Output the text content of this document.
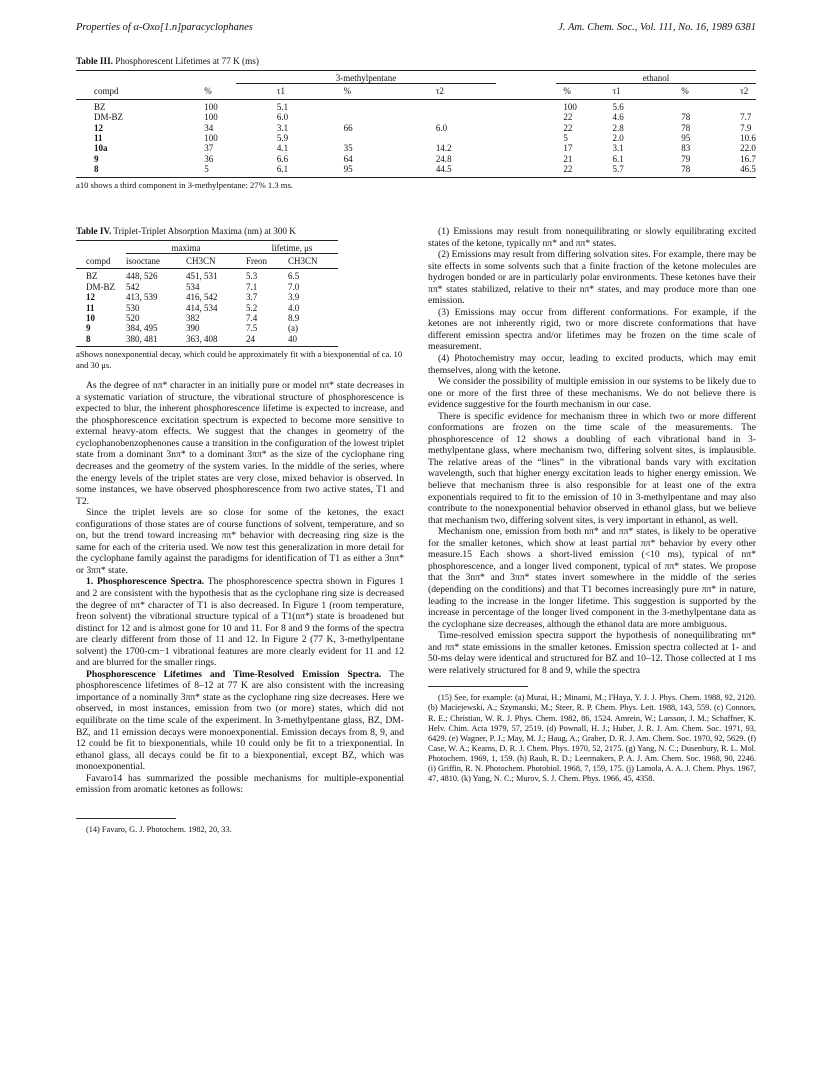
Properties of α-Oxo[1.n]paracyclophanes	J. Am. Chem. Soc., Vol. 111, No. 16, 1989 6381
Table III. Phosphorescent Lifetimes at 77 K (ms)
		3-methylpentane		ethanol
compd	%	τ1	%	τ2	%	τ1	%	τ2
BZ	100	5.1			100	5.6		
DM-BZ	100	6.0			22	4.6	78	7.7
12	34	3.1	66	6.0	22	2.8	78	7.9
11	100	5.9			5	2.0	95	10.6
10a	37	4.1	35	14.2	17	3.1	83	22.0
9	36	6.6	64	24.8	21	6.1	79	16.7
8	5	6.1	95	44.5	22	5.7	78	46.5
a10 shows a third component in 3-methylpentane: 27% 1.3 ms.
Table IV. Triplet-Triplet Absorption Maxima (nm) at 300 K
	maxima		lifetime, μs	
compd	isooctane	CH3CN	Freon	CH3CN
BZ	448, 526	451, 531	5.3	6.5
DM-BZ	542	534	7.1	7.0
12	413, 539	416, 542	3.7	3.9
11	530	414, 534	5.2	4.0
10	520	382	7.4	8.9
9	384, 495	390	7.5	(a)
8	380, 481	363, 408	24	40
aShows nonexponential decay, which could be approximately fit with a biexponential of ca. 10 and 30 μs.

As the degree of nπ* character in an initially pure or model nπ* state decreases in a systematic variation of structure, the vibrational structure of phosphorescence is expected to blur, the inherent phosphorescence lifetime is expected to increase, and the phosphorescence excitation spectrum is expected to become more sensitive to external heavy-atom effects. We suggest that the changes in geometry of the cyclophanobenzophenones cause a transition in the configuration of the lowest triplet state from a dominant 3nπ* to a dominant 3ππ* as the size of the cyclophane ring decreases and the geometry of the system varies. In the middle of the series, where the energy levels of the triplet states are very close, mixed behavior is observed. In some instances, we have observed phosphorescence from two active states, T1 and T2.

Since the triplet levels are so close for some of the ketones, the exact configurations of those states are of course functions of solvent, temperature, and so on, but the trend toward increasing ππ* behavior with decreasing ring size is the same for each of the criteria used. We now test this generalization in more detail for the cyclophane family against the paradigms for identification of T1 as either a 3nπ* or 3ππ* state.

1. Phosphorescence Spectra. The phosphorescence spectra shown in Figures 1 and 2 are consistent with the hypothesis that as the cyclophane ring size is decreased the degree of nπ* character of T1 is also decreased. In Figure 1 (room temperature, freon solvent) the vibrational structure typical of a T1(nπ*) state is broadened but distinct for 12 and is almost gone for 10 and 11. For 8 and 9 the forms of the spectra are clearly different from those of 11 and 12. In Figure 2 (77 K, 3-methylpentane solvent) the 1700-cm−1 vibrational features are more clearly evident for 11 and 12 and are blurred for the smaller rings.

Phosphorescence Lifetimes and Time-Resolved Emission Spectra. The phosphorescence lifetimes of 8–12 at 77 K are also consistent with the increasing importance of a nominally 3ππ* state as the cyclophane ring size decreases. Here we observed, in most instances, emission from two (or more) states, which did not equilibrate on the time scale of the experiment. In 3-methylpentane glass, BZ, DM-BZ, and 11 emission decays were monoexponential. Emission decays from 8, 9, and 12 could be fit to biexponentials, while 10 could only be fit to a triexponential. In ethanol glass, all decays could be fit to a biexponential, except BZ, which was monoexponential.

Favaro14 has summarized the possible mechanisms for multiple-exponential emission from aromatic ketones as follows:

(14) Favaro, G. J. Photochem. 1982, 20, 33.

(1) Emissions may result from nonequilibrating or slowly equilibrating excited states of the ketone, typically nπ* and ππ* states.

(2) Emissions may result from differing solvation sites. For example, there may be site effects in some solvents such that a finite fraction of the ketone molecules are hydrogen bonded or are in particularly polar environments. These ketones have their ππ* states stabilized, relative to their nπ* states, and may produce more than one emission.

(3) Emissions may occur from different conformations. For example, if the ketones are not inherently rigid, two or more discrete conformations that have different emission spectra and/or lifetimes may be frozen on the time scale of measurement.

(4) Photochemistry may occur, leading to excited products, which may emit themselves, along with the ketone.

We consider the possibility of multiple emission in our systems to be likely due to one or more of the first three of these mechanisms. We do not believe there is evidence suggestive for the fourth mechanism in our case.

There is specific evidence for mechanism three in which two or more different conformations are frozen on the time scale of the measurements. The phosphorescence of 12 shows a doubling of each vibrational band in 3-methylpentane glass, where mechanism two, differing solvent sites, is implausible. The relative areas of the “lines” in the vibrational bands vary with excitation wavelength, such that higher energy excitation leads to higher energy emission. We believe that mechanism three is also responsible for at least one of the extra exponentials required to fit to the emission of 10 in 3-methylpentane and may also contribute to the nonexponential behavior observed in ethanol glass, but we believe that mechanism two, differing solvent sites, is very important in ethanol, as well.

Mechanism one, emission from both nπ* and ππ* states, is likely to be operative for the smaller ketones, which show at least partial ππ* behavior by every other measure.15 Each shows a short-lived emission (<10 ms), typical of nπ* phosphorescence, and a longer lived component, typical of ππ* states. We propose that the 3nπ* and 3ππ* states invert somewhere in the middle of the series (depending on the conditions) and that T1 becomes increasingly pure ππ* in nature, leading to the increase in the longer lifetime. This suggestion is supported by the increase in percentage of the longer lived component in the 3-methylpentane data as the cyclophane size decreases, although the ethanol data are more ambiguous.

Time-resolved emission spectra support the hypothesis of nonequilibrating nπ* and ππ* state emissions in the smaller ketones. Emission spectra collected at 1- and 50-ms delay were identical and structured for BZ and 10–12. Those collected at 1 ms were relatively structured for 8 and 9, while the spectra

(15) See, for example: (a) Murai, H.; Minami, M.; I'Haya, Y. J. J. Phys. Chem. 1988, 92, 2120. (b) Maciejewski, A.; Szymanski, M.; Steer, R. P. Chem. Phys. Lett. 1988, 143, 559. (c) Connors, R. E.; Christian, W. R. J. Phys. Chem. 1982, 86, 1524. Amrein, W.; Larsson, J. M.; Schaffner, K. Helv. Chim. Acta 1979, 57, 2519. (d) Pownall, H. J.; Huber, J. R. J. Am. Chem. Soc. 1971, 93, 6429. (e) Wagner, P. J.; May, M. J.; Haug, A.; Graber, D. R. J. Am. Chem. Soc. 1970, 92, 5629. (f) Case, W. A.; Kearns, D. R. J. Chem. Phys. 1970, 52, 2175. (g) Yang, N. C.; Dusenbury, R. L. Mol. Photochem. 1969, 1, 159. (h) Rauh, R. D.; Leermakers, P. A. J. Am. Chem. Soc. 1968, 90, 2246. (i) Griffin, R. N. Photochem. Photobiol. 1968, 7, 159, 175. (j) Lamola, A. A. J. Chem. Phys. 1967, 47, 4810. (k) Yang, N. C.; Murov, S. J. Chem. Phys. 1966, 45, 4358.
